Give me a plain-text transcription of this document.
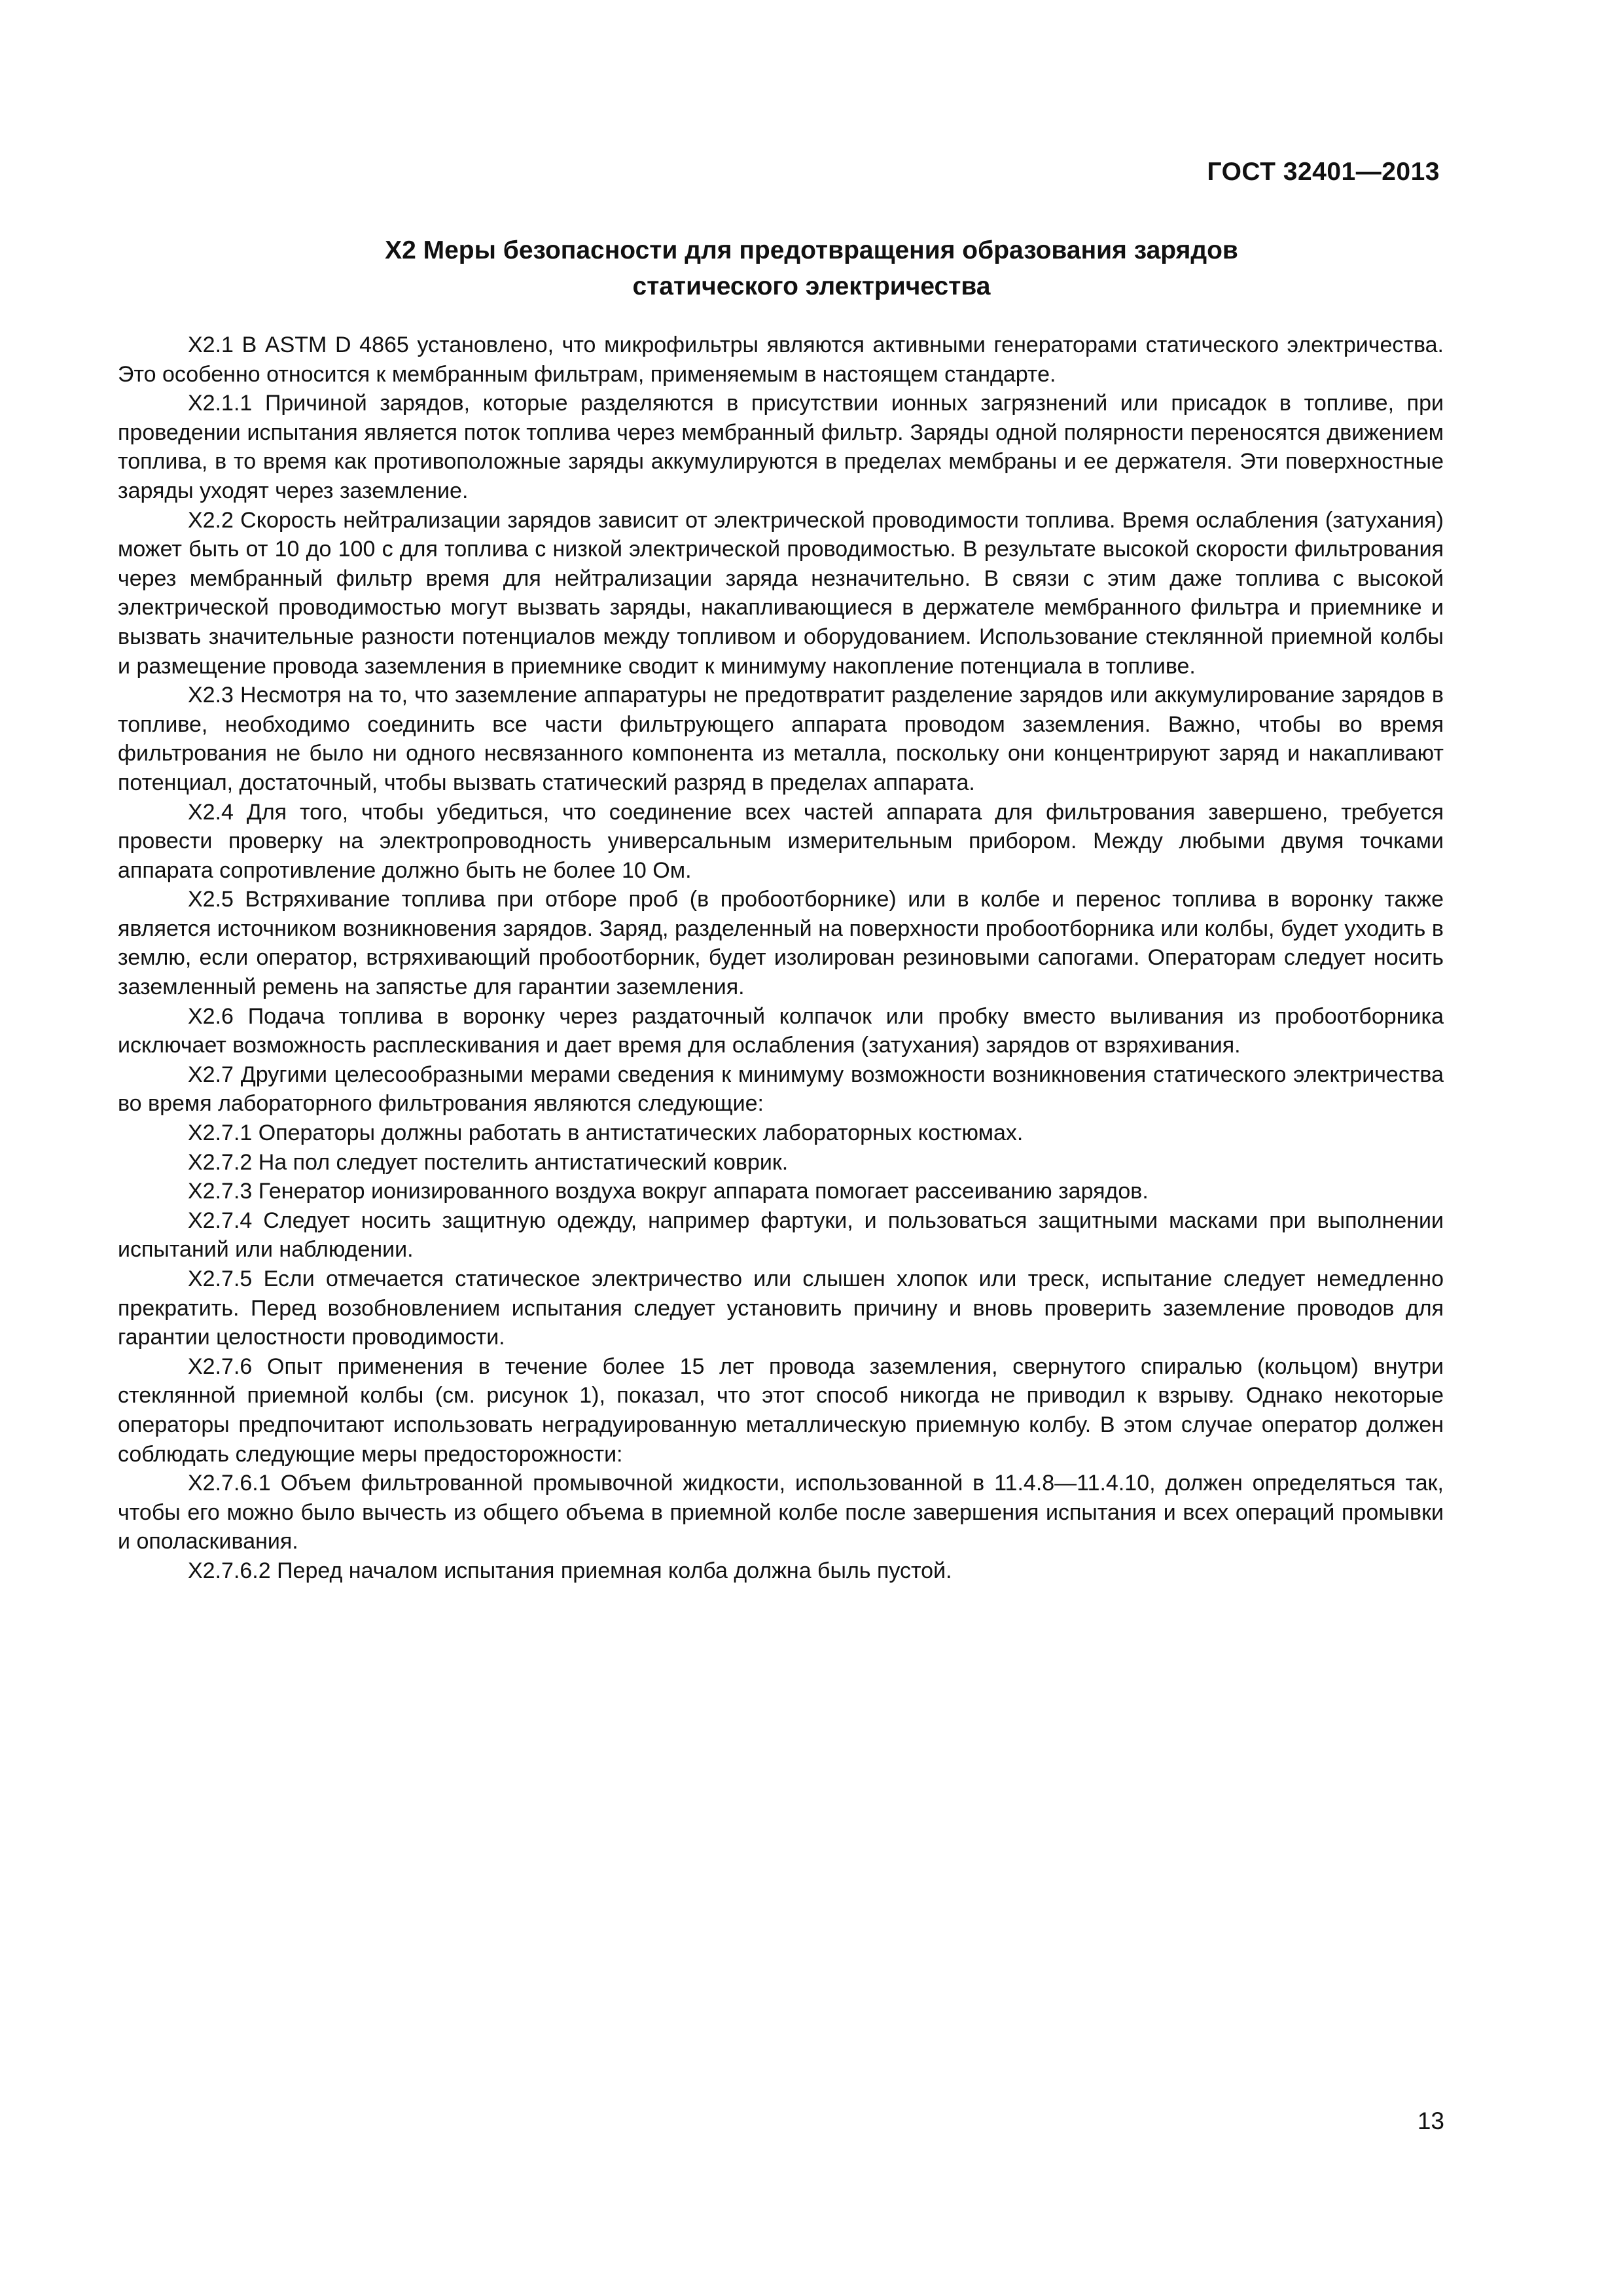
ГОСТ 32401—2013
X2 Меры безопасности для предотвращения образования зарядов
статического электричества

X2.1 В ASTM D 4865 установлено, что микрофильтры являются активными генераторами статического электричества. Это особенно относится к мембранным фильтрам, применяемым в настоящем стандарте.

X2.1.1 Причиной зарядов, которые разделяются в присутствии ионных загрязнений или присадок в топливе, при проведении испытания является поток топлива через мембранный фильтр. Заряды одной полярности переносятся движением топлива, в то время как противоположные заряды аккумулируются в пределах мембраны и ее держателя. Эти поверхностные заряды уходят через заземление.

X2.2 Скорость нейтрализации зарядов зависит от электрической проводимости топлива. Время ослабления (затухания) может быть от 10 до 100 с для топлива с низкой электрической проводимостью. В результате высокой скорости фильтрования через мембранный фильтр время для нейтрализации заряда незначительно. В связи с этим даже топлива с высокой электрической проводимостью могут вызвать заряды, накапливающиеся в держателе мембранного фильтра и приемнике и вызвать значительные разности потенциалов между топливом и оборудованием. Использование стеклянной приемной колбы и размещение провода заземления в приемнике сводит к минимуму накопление потенциала в топливе.

X2.3 Несмотря на то, что заземление аппаратуры не предотвратит разделение зарядов или аккумулирование зарядов в топливе, необходимо соединить все части фильтрующего аппарата проводом заземления. Важно, чтобы во время фильтрования не было ни одного несвязанного компонента из металла, поскольку они концентрируют заряд и накапливают потенциал, достаточный, чтобы вызвать статический разряд в пределах аппарата.

X2.4 Для того, чтобы убедиться, что соединение всех частей аппарата для фильтрования завершено, требуется провести проверку на электропроводность универсальным измерительным прибором. Между любыми двумя точками аппарата сопротивление должно быть не более 10 Ом.

X2.5 Встряхивание топлива при отборе проб (в пробоотборнике) или в колбе и перенос топлива в воронку также является источником возникновения зарядов. Заряд, разделенный на поверхности пробоотборника или колбы, будет уходить в землю, если оператор, встряхивающий пробоотборник, будет изолирован резиновыми сапогами. Операторам следует носить заземленный ремень на запястье для гарантии заземления.

X2.6 Подача топлива в воронку через раздаточный колпачок или пробку вместо выливания из пробоотборника исключает возможность расплескивания и дает время для ослабления (затухания) зарядов от взряхивания.

X2.7 Другими целесообразными мерами сведения к минимуму возможности возникновения статического электричества во время лабораторного фильтрования являются следующие:

X2.7.1 Операторы должны работать в антистатических лабораторных костюмах.

X2.7.2 На пол следует постелить антистатический коврик.

X2.7.3 Генератор ионизированного воздуха вокруг аппарата помогает рассеиванию зарядов.

X2.7.4 Следует носить защитную одежду, например фартуки, и пользоваться защитными масками при выполнении испытаний или наблюдении.

X2.7.5 Если отмечается статическое электричество или слышен хлопок или треск, испытание следует немедленно прекратить. Перед возобновлением испытания следует установить причину и вновь проверить заземление проводов для гарантии целостности проводимости.

X2.7.6 Опыт применения в течение более 15 лет провода заземления, свернутого спиралью (кольцом) внутри стеклянной приемной колбы (см. рисунок 1), показал, что этот способ никогда не приводил к взрыву. Однако некоторые операторы предпочитают использовать неградуированную металлическую приемную колбу. В этом случае оператор должен соблюдать следующие меры предосторожности:

X2.7.6.1 Объем фильтрованной промывочной жидкости, использованной в 11.4.8—11.4.10, должен определяться так, чтобы его можно было вычесть из общего объема в приемной колбе после завершения испытания и всех операций промывки и ополаскивания.

X2.7.6.2 Перед началом испытания приемная колба должна быль пустой.

13
